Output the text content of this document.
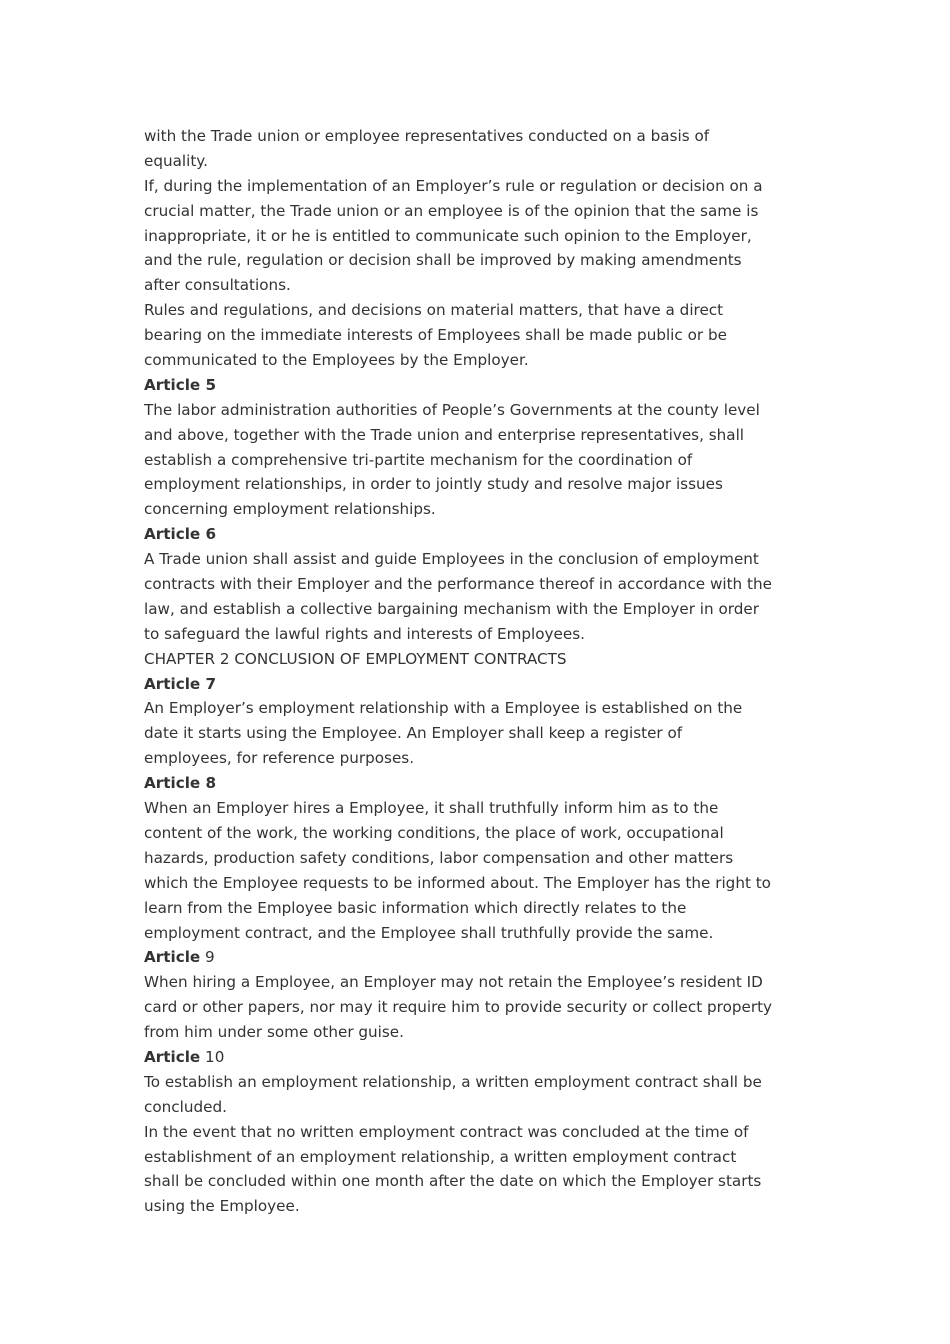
with the Trade union or employee representatives conducted on a basis of
equality.
If, during the implementation of an Employer’s rule or regulation or decision on a
crucial matter, the Trade union or an employee is of the opinion that the same is
inappropriate, it or he is entitled to communicate such opinion to the Employer,
and the rule, regulation or decision shall be improved by making amendments
after consultations.
Rules and regulations, and decisions on material matters, that have a direct
bearing on the immediate interests of Employees shall be made public or be
communicated to the Employees by the Employer.
Article 5
The labor administration authorities of People’s Governments at the county level
and above, together with the Trade union and enterprise representatives, shall
establish a comprehensive tri-partite mechanism for the coordination of
employment relationships, in order to jointly study and resolve major issues
concerning employment relationships.
Article 6
A Trade union shall assist and guide Employees in the conclusion of employment
contracts with their Employer and the performance thereof in accordance with the
law, and establish a collective bargaining mechanism with the Employer in order
to safeguard the lawful rights and interests of Employees.
CHAPTER 2 CONCLUSION OF EMPLOYMENT CONTRACTS
Article 7
An Employer’s employment relationship with a Employee is established on the
date it starts using the Employee. An Employer shall keep a register of
employees, for reference purposes.
Article 8
When an Employer hires a Employee, it shall truthfully inform him as to the
content of the work, the working conditions, the place of work, occupational
hazards, production safety conditions, labor compensation and other matters
which the Employee requests to be informed about. The Employer has the right to
learn from the Employee basic information which directly relates to the
employment contract, and the Employee shall truthfully provide the same.
Article 9
When hiring a Employee, an Employer may not retain the Employee’s resident ID
card or other papers, nor may it require him to provide security or collect property
from him under some other guise.
Article 10
To establish an employment relationship, a written employment contract shall be
concluded.
In the event that no written employment contract was concluded at the time of
establishment of an employment relationship, a written employment contract
shall be concluded within one month after the date on which the Employer starts
using the Employee.
